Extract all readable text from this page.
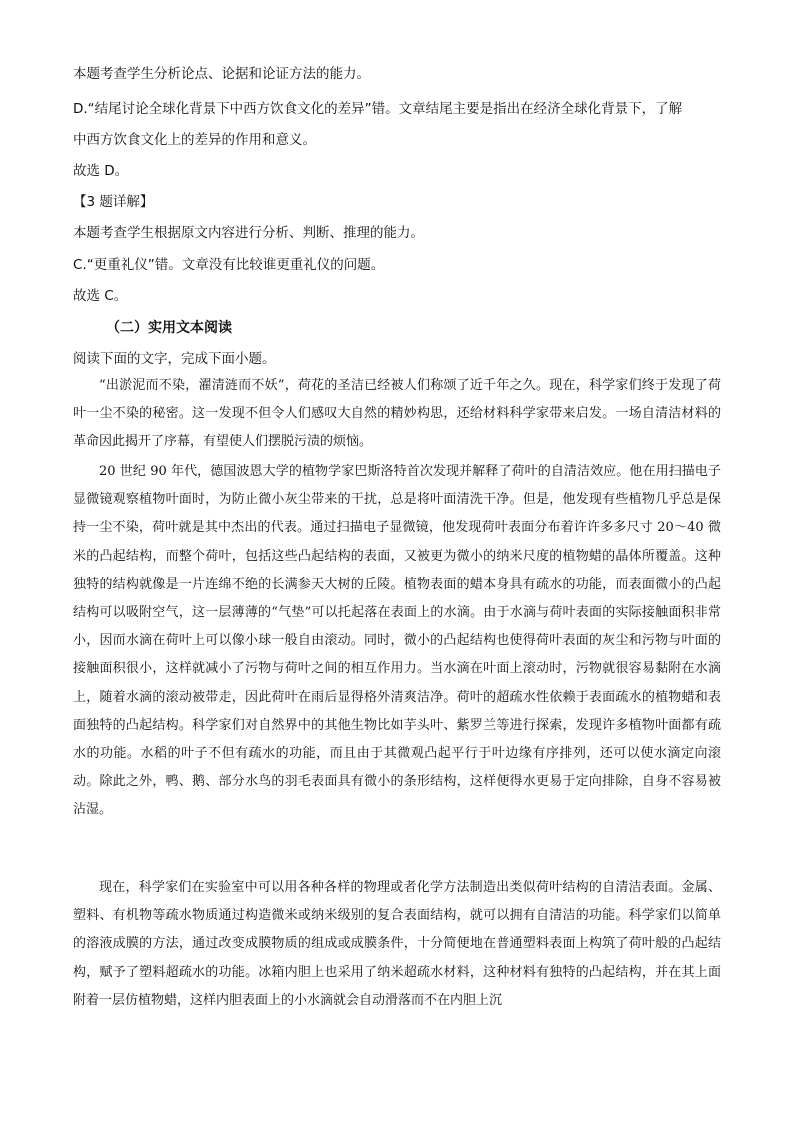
本题考查学生分析论点、论据和论证方法的能力。
D.“结尾讨论全球化背景下中西方饮食文化的差异”错。文章结尾主要是指出在经济全球化背景下，了解
中西方饮食文化上的差异的作用和意义。
故选 D。
【3 题详解】
本题考查学生根据原文内容进行分析、判断、推理的能力。
C.“更重礼仪”错。文章没有比较谁更重礼仪的问题。
故选 C。
（二）实用文本阅读
阅读下面的文字，完成下面小题。

“出淤泥而不染，濯清涟而不妖”，荷花的圣洁已经被人们称颂了近千年之久。现在，科学家们终于发现了荷叶一尘不染的秘密。这一发现不但令人们感叹大自然的精妙构思，还给材料科学家带来启发。一场自清洁材料的革命因此揭开了序幕，有望使人们摆脱污渍的烦恼。

20 世纪 90 年代，德国波恩大学的植物学家巴斯洛特首次发现并解释了荷叶的自清洁效应。他在用扫描电子显微镜观察植物叶面时，为防止微小灰尘带来的干扰，总是将叶面清洗干净。但是，他发现有些植物几乎总是保持一尘不染，荷叶就是其中杰出的代表。通过扫描电子显微镜，他发现荷叶表面分布着许许多多尺寸 20～40 微米的凸起结构，而整个荷叶，包括这些凸起结构的表面，又被更为微小的纳米尺度的植物蜡的晶体所覆盖。这种独特的结构就像是一片连绵不绝的长满参天大树的丘陵。植物表面的蜡本身具有疏水的功能，而表面微小的凸起结构可以吸附空气，这一层薄薄的“气垫”可以托起落在表面上的水滴。由于水滴与荷叶表面的实际接触面积非常小，因而水滴在荷叶上可以像小球一般自由滚动。同时，微小的凸起结构也使得荷叶表面的灰尘和污物与叶面的接触面积很小，这样就减小了污物与荷叶之间的相互作用力。当水滴在叶面上滚动时，污物就很容易黏附在水滴上，随着水滴的滚动被带走，因此荷叶在雨后显得格外清爽洁净。荷叶的超疏水性依赖于表面疏水的植物蜡和表面独特的凸起结构。科学家们对自然界中的其他生物比如芋头叶、紫罗兰等进行探索，发现许多植物叶面都有疏水的功能。水稻的叶子不但有疏水的功能，而且由于其微观凸起平行于叶边缘有序排列，还可以使水滴定向滚动。除此之外，鸭、鹅、部分水鸟的羽毛表面具有微小的条形结构，这样便得水更易于定向排除，自身不容易被沾湿。

现在，科学家们在实验室中可以用各种各样的物理或者化学方法制造出类似荷叶结构的自清洁表面。金属、塑料、有机物等疏水物质通过构造微米或纳米级别的复合表面结构，就可以拥有自清洁的功能。科学家们以简单的溶液成膜的方法，通过改变成膜物质的组成或成膜条件，十分简便地在普通塑料表面上构筑了荷叶般的凸起结构，赋予了塑料超疏水的功能。冰箱内胆上也采用了纳米超疏水材料，这种材料有独特的凸起结构，并在其上面附着一层仿植物蜡，这样内胆表面上的小水滴就会自动滑落而不在内胆上沉
